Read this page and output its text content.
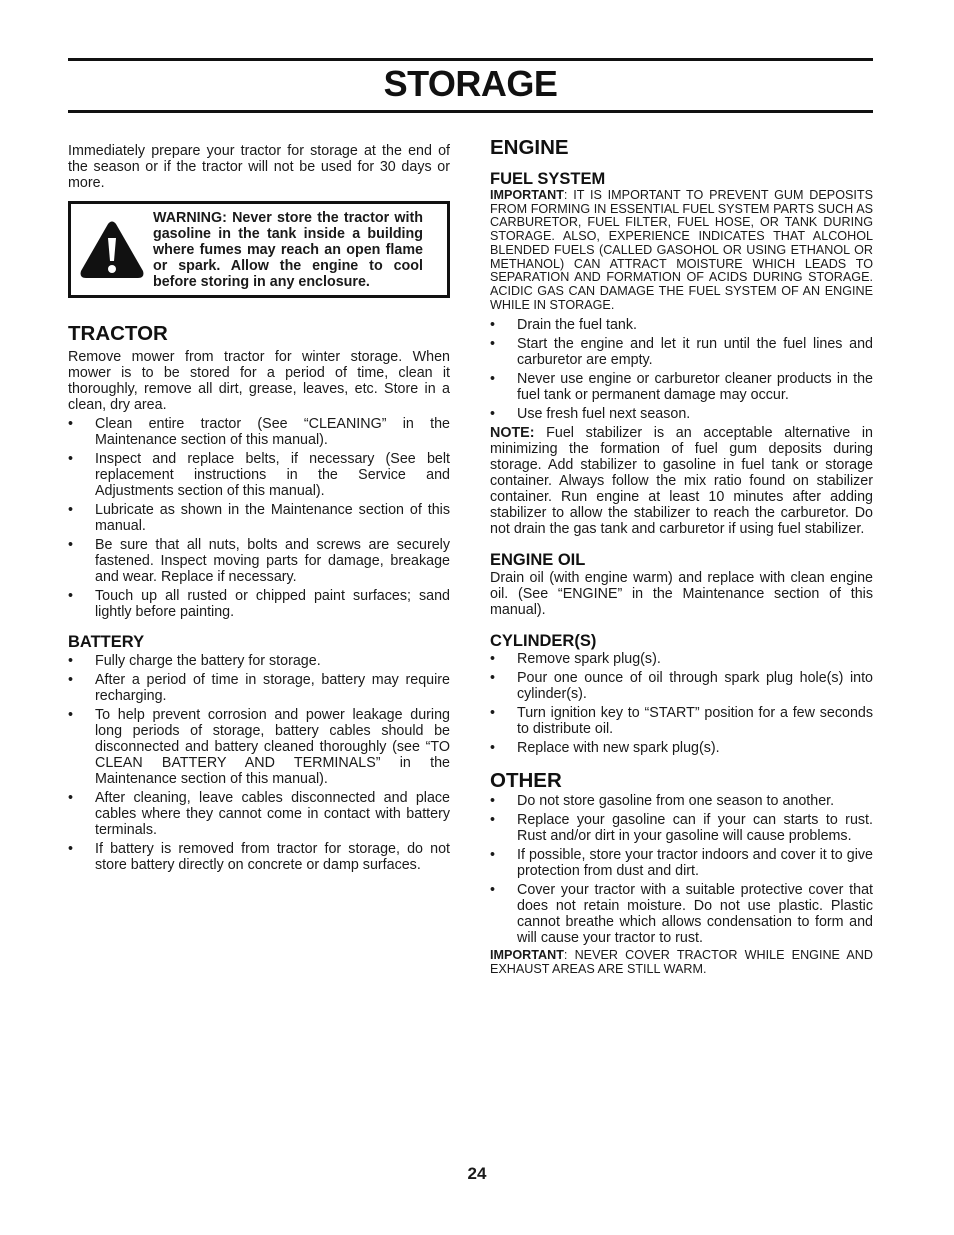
STORAGE

Immediately prepare your tractor for storage at the end of the season or if the tractor will not be used for 30 days or more.

WARNING: Never store the tractor with gasoline in the tank inside a building where fumes may reach an open flame or spark. Allow the engine to cool before storing in any enclosure.

TRACTOR

Remove mower from tractor for winter storage. When mower is to be stored for a period of time, clean it thoroughly, remove all dirt, grease, leaves, etc. Store in a clean, dry area.

• Clean entire tractor (See “CLEANING” in the Maintenance section of this manual).
• Inspect and replace belts, if necessary (See belt replacement instructions in the Service and Adjustments section of this manual).
• Lubricate as shown in the Maintenance section of this manual.
• Be sure that all nuts, bolts and screws are securely fastened. Inspect moving parts for damage, breakage and wear. Replace if necessary.
• Touch up all rusted or chipped paint surfaces; sand lightly before painting.
BATTERY
• Fully charge the battery for storage.
• After a period of time in storage, battery may require recharging.
• To help prevent corrosion and power leakage during long periods of storage, battery cables should be disconnected and battery cleaned thoroughly (see “TO CLEAN BATTERY AND TERMINALS” in the Maintenance section of this manual).
• After cleaning, leave cables disconnected and place cables where they cannot come in contact with battery terminals.
• If battery is removed from tractor for storage, do not store battery directly on concrete or damp surfaces.
ENGINE
FUEL SYSTEM

IMPORTANT: IT IS IMPORTANT TO PREVENT GUM DEPOSITS FROM FORMING IN ESSENTIAL FUEL SYSTEM PARTS SUCH AS CARBURETOR, FUEL FILTER, FUEL HOSE, OR TANK DURING STORAGE. ALSO, EXPERIENCE INDICATES THAT ALCOHOL BLENDED FUELS (CALLED GASOHOL OR USING ETHANOL OR METHANOL) CAN ATTRACT MOISTURE WHICH LEADS TO SEPARATION AND FORMATION OF ACIDS DURING STORAGE. ACIDIC GAS CAN DAMAGE THE FUEL SYSTEM OF AN ENGINE WHILE IN STORAGE.

• Drain the fuel tank.
• Start the engine and let it run until the fuel lines and carburetor are empty.
• Never use engine or carburetor cleaner products in the fuel tank or permanent damage may occur.
• Use fresh fuel next season.

NOTE: Fuel stabilizer is an acceptable alternative in minimizing the formation of fuel gum deposits during storage. Add stabilizer to gasoline in fuel tank or storage container. Always follow the mix ratio found on stabilizer container. Run engine at least 10 minutes after adding stabilizer to allow the stabilizer to reach the carburetor. Do not drain the gas tank and carburetor if using fuel stabilizer.

ENGINE OIL

Drain oil (with engine warm) and replace with clean engine oil. (See “ENGINE” in the Maintenance section of this manual).

CYLINDER(S)
• Remove spark plug(s).
• Pour one ounce of oil through spark plug hole(s) into cylinder(s).
• Turn ignition key to “START” position for a few seconds to distribute oil.
• Replace with new spark plug(s).
OTHER
• Do not store gasoline from one season to another.
• Replace your gasoline can if your can starts to rust. Rust and/or dirt in your gasoline will cause problems.
• If possible, store your tractor indoors and cover it to give protection from dust and dirt.
• Cover your tractor with a suitable protective cover that does not retain moisture. Do not use plastic. Plastic cannot breathe which allows condensation to form and will cause your tractor to rust.

IMPORTANT: NEVER COVER TRACTOR WHILE ENGINE AND EXHAUST AREAS ARE STILL WARM.

24
